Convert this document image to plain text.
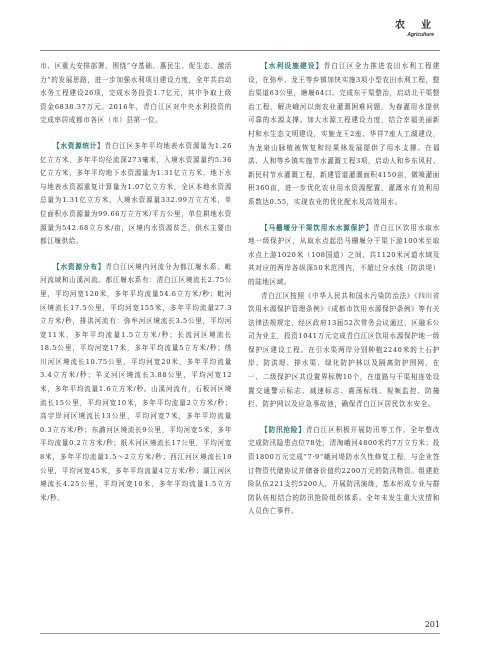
农　业
Agriculture

市、区重大安排部署，围绕“夺基础、惠民生、促生态、激活力”的发展思路，进一步加强水利项目建设力度，全年共启动水务工程建设26项，完成水务投资1.7亿元，其中争取上级资金6838.37万元。2016年，青白江区对中央水利投资的完成率居成都市各区（市）县第一位。

【水资源统计】青白江区多年平均地表水资源量为1.26亿立方米，多年平均径流深273毫米，入境水资源量约5.36亿立方米，多年平均地下水资源量为1.31亿立方米，地下水与地表水资源重复计算量为1.07亿立方米，全区本地水资源总量为1.31亿立方米，入境水资源量332.99万立方米，单位面积水资源量为99.66万立方米/平方公里，单位耕地水资源量为542.68立方米/亩，区境内水资源贫乏，供水主要由都江堰供给。

【水资源分布】青白江区境内河流分为都江堰水系、毗河流域和山溪河流。都江堰水系有：清白江区境流长2.75公里，平均河宽120米，多年平均流量54.6立方米/秒；毗河区境流长17.5公里，平均河宽155米，多年平均流量27.3立方米/秒，排洪河流有：弥牟河区境流长3.5公里，平均河宽11米，多年平均流量1.5立方米/秒；长流河区境流长18.5公里，平均河宽17米，多年平均流量5立方米/秒；绣川河区境流长10.75公里，平均河宽20米，多年平均流量3.4立方米/秒；羊叉河区境流长3.88公里，平均河宽12米，多年平均流量1.6立方米/秒。山溪河流有，石板河区境流长15公里，平均河宽10米，多年平均流量2立方米/秒；高宇岸河区境流长13公里，平均河宽7米，多年平均流量0.3立方米/秒；东潞河区境流长9公里，平均河宽5米，多年平均流量0.2立方米/秒；纸木河区境流长17公里，平均河宽8米，多年平均流量1.5～2立方米/秒；西江河区境流长19公里，平均河宽45米，多年平均流量4立方米/秒；湖江河区境流长4.25公里，平均河宽10米，多年平均流量1.5立方米/秒。

【水利设施建设】青白江区全力推进农田水利工程建设，在弥牟、龙王等乡镇加快实施3项小型农田水利工程，整治渠道63公里，塘堰64口。完成东干渠整治，启动北干渠整治工程，解决峨河以南农业灌溉困难问题，为春灌用水提供可靠的水源支撑。加大水源工程建设力度，结合幸福美丽新村和水生态文明建设，实施龙王2座、华祥7座人工湖建设，为龙泉山脉植被恢复和经果林发展提供了用水支撑。在福洪、人和等乡镇实施节水灌溉工程3项，启动人和乡东风村、新民村节水灌溉工程，新建管道灌溉面积4150亩，微喷灌面积360亩，进一步优化农业用水资源配置，灌溉水有效利用系数达0.55，实现农业的优化配水及高效用水。

【马栅堰分干渠饮用水水源保护】青白江区饮用水取水地一级保护区，从取水点起沿马栅堰分干渠下游100米至取水点上游1020米（108国道）之间，共1120米河道水域及其对应的两岸各纵深50米范围内，不超过分水线（防洪堤）的陆地区域。

青白江区按照《中华人民共和国水污染防治法》《四川省饮用水源保护管理条例》《成都市饮用水源保护条例》等有关法律法规规定，经区政府13届52次常务会议通过，区融禾公司为业主，投资1041万元完成青白江区饮用水源保护地一级保护区建设工程。在引水渠两岸分别种植2240米的土石护岸、防洪堤、排水渠、绿化防护林以及隔离防护围网，在一、二级保护区共设置界标牌10个，在道路与干渠相连处设置交通警示标志、减速标志、震荡标线、视频监控、防撞栏、防护网以及应急事故池，确保青白江区居民饮水安全。

【防汛抢险】青白江区积极开展防汛等工作。全年整改完成防汛隐患点位78处，清淘峨河4800米约7万立方米；投资1800万元完成“7·9”峨河堤防水久性修复工程，与企业签订物资代储协议并储备价值约2200万元的防汛物资。组建抢险队伍221支约5200人，开展防汛演练，基本形成专业与群防队伍相结合的防汛抢险组织体系。全年未发生重大灾情和人员伤亡事件。

201
